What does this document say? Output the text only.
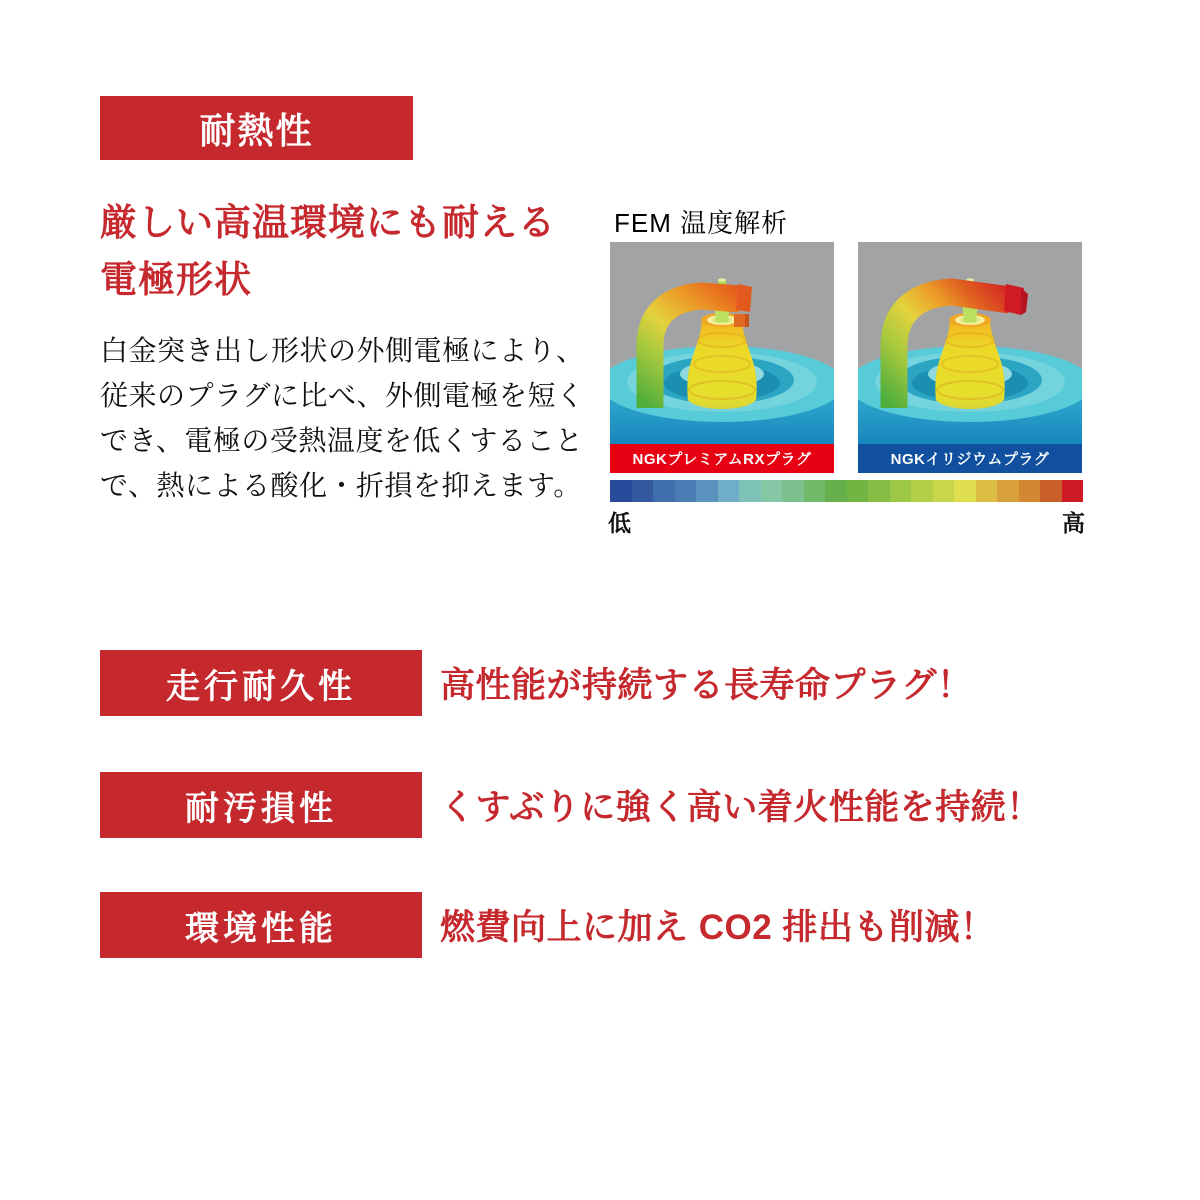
耐熱性
厳しい高温環境にも耐える
電極形状
白金突き出し形状の外側電極により、
従来のプラグに比べ、外側電極を短く
でき、電極の受熱温度を低くすること
で、熱による酸化・折損を抑えます。
FEM 温度解析
NGKプレミアムRXプラグ	NGKイリジウムプラグ
低	高
走行耐久性 高性能が持続する長寿命プラグ！
耐汚損性	くすぶりに強く高い着火性能を持続！
環境性能	燃費向上に加え CO2 排出も削減！
